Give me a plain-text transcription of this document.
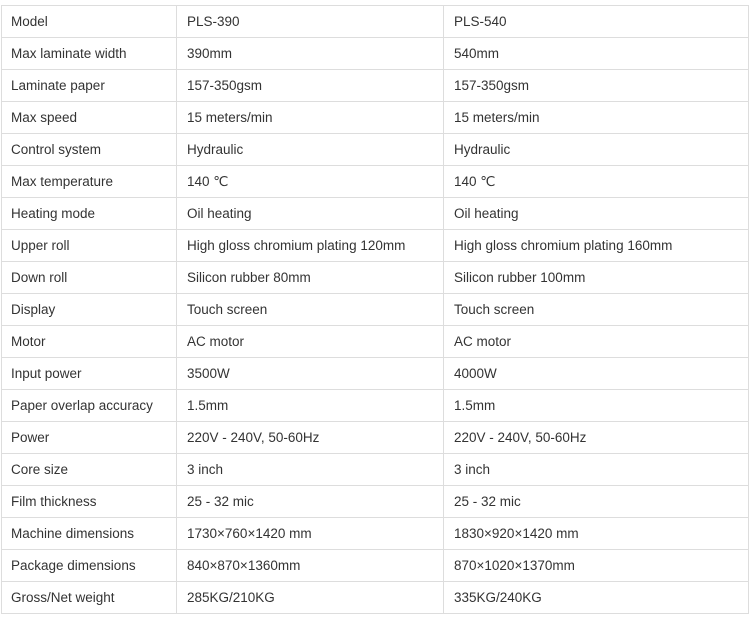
Model	PLS-390	PLS-540
Max laminate width	390mm	540mm
Laminate paper	157-350gsm	157-350gsm
Max speed	15 meters/min	15 meters/min
Control system	Hydraulic	Hydraulic
Max temperature	140 ℃	140 ℃
Heating mode	Oil heating	Oil heating
Upper roll	High gloss chromium plating 120mm	High gloss chromium plating 160mm
Down roll	Silicon rubber 80mm	Silicon rubber 100mm
Display	Touch screen	Touch screen
Motor	AC motor	AC motor
Input power	3500W	4000W
Paper overlap accuracy	1.5mm	1.5mm
Power	220V - 240V, 50-60Hz	220V - 240V, 50-60Hz
Core size	3 inch	3 inch
Film thickness	25 - 32 mic	25 - 32 mic
Machine dimensions	1730×760×1420 mm	1830×920×1420 mm
Package dimensions	840×870×1360mm	870×1020×1370mm
Gross/Net weight	285KG/210KG	335KG/240KG
